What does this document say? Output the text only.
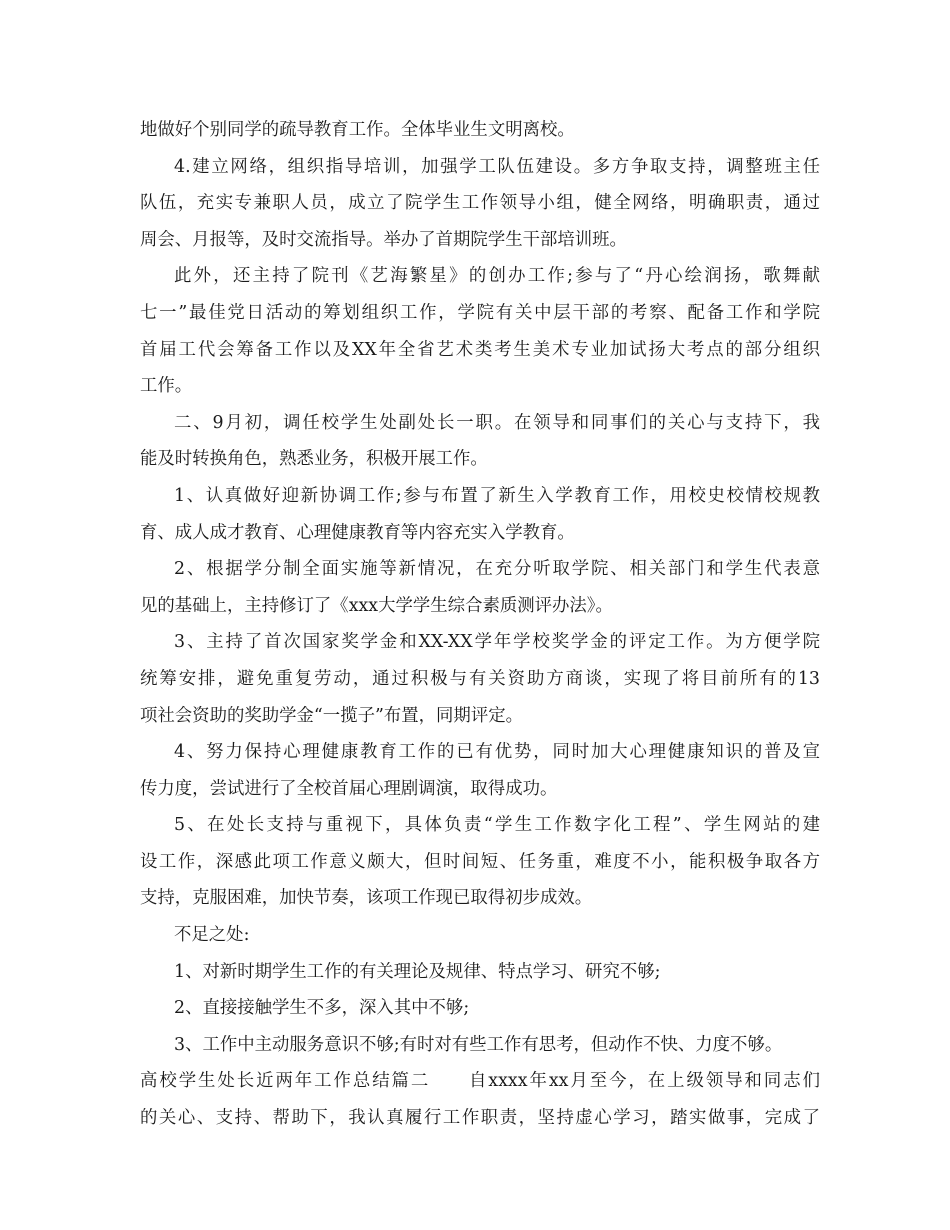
地做好个别同学的疏导教育工作。全体毕业生文明离校。
4.建立网络，组织指导培训，加强学工队伍建设。多方争取支持，调整班主任
队伍，充实专兼职人员，成立了院学生工作领导小组，健全网络，明确职责，通过
周会、月报等，及时交流指导。举办了首期院学生干部培训班。
此外，还主持了院刊《艺海繁星》的创办工作;参与了“丹心绘润扬，歌舞献
七一”最佳党日活动的筹划组织工作，学院有关中层干部的考察、配备工作和学院
首届工代会筹备工作以及XX年全省艺术类考生美术专业加试扬大考点的部分组织
工作。
二、9月初，调任校学生处副处长一职。在领导和同事们的关心与支持下，我
能及时转换角色，熟悉业务，积极开展工作。
1、认真做好迎新协调工作;参与布置了新生入学教育工作，用校史校情校规教
育、成人成才教育、心理健康教育等内容充实入学教育。
2、根据学分制全面实施等新情况，在充分听取学院、相关部门和学生代表意
见的基础上，主持修订了《xxx大学学生综合素质测评办法》。
3、主持了首次国家奖学金和XX-XX学年学校奖学金的评定工作。为方便学院
统筹安排，避免重复劳动，通过积极与有关资助方商谈，实现了将目前所有的13
项社会资助的奖助学金“一揽子”布置，同期评定。
4、努力保持心理健康教育工作的已有优势，同时加大心理健康知识的普及宣
传力度，尝试进行了全校首届心理剧调演，取得成功。
5、在处长支持与重视下，具体负责“学生工作数字化工程”、学生网站的建
设工作，深感此项工作意义颇大，但时间短、任务重，难度不小，能积极争取各方
支持，克服困难，加快节奏，该项工作现已取得初步成效。
不足之处:
1、对新时期学生工作的有关理论及规律、特点学习、研究不够;
2、直接接触学生不多，深入其中不够;
3、工作中主动服务意识不够;有时对有些工作有思考，但动作不快、力度不够。
高校学生处长近两年工作总结篇二　　自xxxx年xx月至今，在上级领导和同志们
的关心、支持、帮助下，我认真履行工作职责，坚持虚心学习，踏实做事，完成了
